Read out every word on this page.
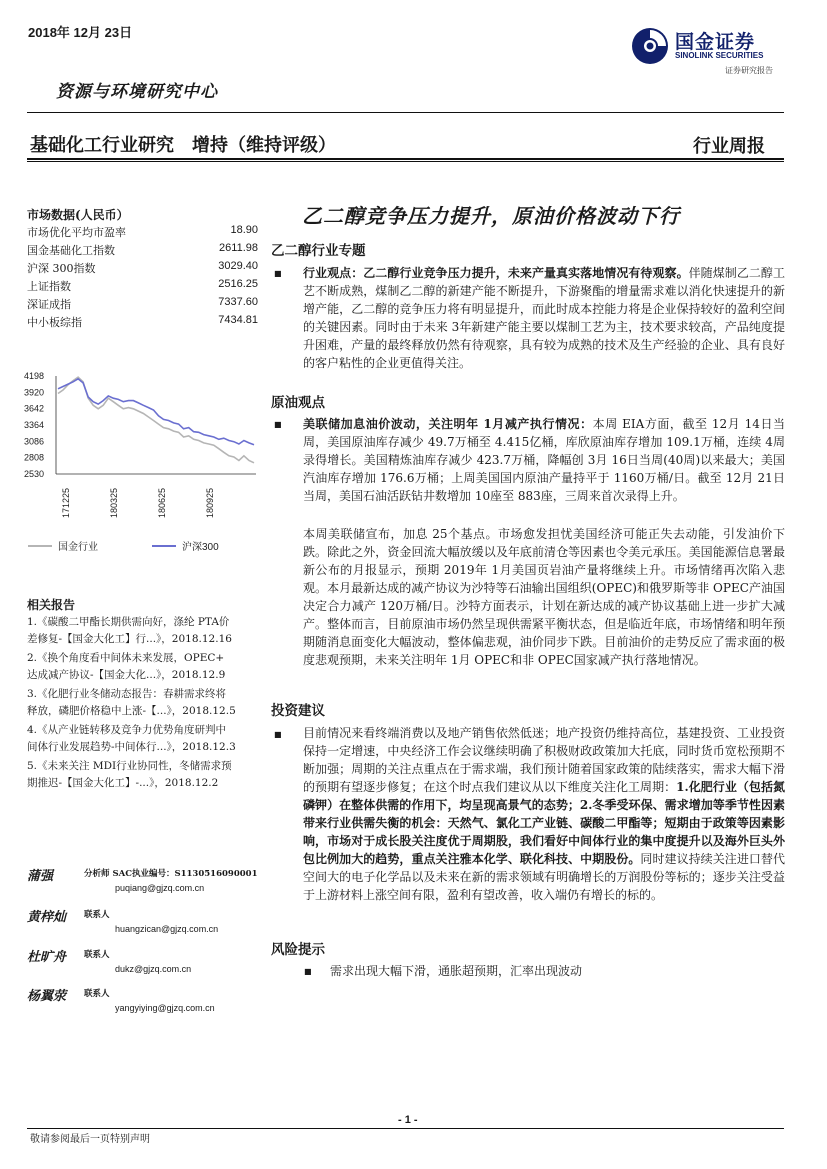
2018年 12月 23日
资源与环境研究中心
基础化工行业研究　增持（维持评级）	行业周报
国金证券
SINOLINK SECURITIES
证券研究报告
市场数据(人民币）
市场优化平均市盈率	18.90
国金基础化工指数	2611.98
沪深 300指数	3029.40
上证指数	2516.25
深证成指	7337.60
中小板综指	7434.81
4198
3920
3642
3364
3086
2808
2530
171225	180325	180625	180925
国金行业	沪深300
相关报告
1.《碳酸二甲酯长期供需向好，涤纶 PTA价
差修复-【国金大化工】行...》，2018.12.16
2.《换个角度看中间体未来发展，OPEC+
达成减产协议-【国金大化...》，2018.12.9
3.《化肥行业冬储动态报告：春耕需求终将
释放，磷肥价格稳中上涨-【...》，2018.12.5
4.《从产业链转移及竞争力优势角度研判中
间体行业发展趋势-中间体行...》，2018.12.3
5.《未来关注 MDI行业协同性，冬储需求预
期推迟-【国金大化工】-...》，2018.12.2
蒲强	分析师 SAC执业编号：S1130516090001
puqiang@gjzq.com.cn
黄梓灿 联系人
huangzican@gjzq.com.cn
杜旷舟 联系人
dukz@gjzq.com.cn
杨翼荥 联系人
yangyiying@gjzq.com.cn
乙二醇竞争压力提升，原油价格波动下行
乙二醇行业专题
■ 行业观点：乙二醇行业竞争压力提升，未来产量真实落地情况有待观察。伴随煤制乙二醇工艺不断成熟，煤制乙二醇的新建产能不断提升，下游聚酯的增量需求难以消化快速提升的新增产能，乙二醇的竞争压力将有明显提升，而此时成本控能力将是企业保持较好的盈利空间的关键因素。同时由于未来 3年新建产能主要以煤制工艺为主，技术要求较高，产品纯度提升困难，产量的最终释放仍然有待观察，具有较为成熟的技术及生产经验的企业、具有良好的客户粘性的企业更值得关注。
原油观点
■ 美联储加息油价波动，关注明年 1月减产执行情况：本周 EIA方面，截至 12月 14日当周，美国原油库存减少 49.7万桶至 4.415亿桶，库欣原油库存增加 109.1万桶，连续 4周录得增长。美国精炼油库存减少 423.7万桶，降幅创 3月 16日当周(40周)以来最大；美国汽油库存增加 176.6万桶；上周美国国内原油产量持平于 1160万桶/日。截至 12月 21日当周，美国石油活跃钻井数增加 10座至 883座，三周来首次录得上升。
本周美联储宣布，加息 25个基点。市场愈发担忧美国经济可能正失去动能，引发油价下跌。除此之外，资金回流大幅放缓以及年底前清仓等因素也令美元承压。美国能源信息署最新公布的月报显示，预期 2019年 1月美国页岩油产量将继续上升。市场情绪再次陷入悲观。本月最新达成的减产协议为沙特等石油输出国组织(OPEC)和俄罗斯等非 OPEC产油国决定合力减产 120万桶/日。沙特方面表示，计划在新达成的减产协议基础上进一步扩大减产。整体而言，目前原油市场仍然呈现供需紧平衡状态，但是临近年底，市场情绪和明年预期随消息面变化大幅波动，整体偏悲观，油价同步下跌。目前油价的走势反应了需求面的极度悲观预期，未来关注明年 1月 OPEC和非 OPEC国家减产执行落地情况。
投资建议
■ 目前情况来看终端消费以及地产销售依然低迷；地产投资仍维持高位，基建投资、工业投资保持一定增速，中央经济工作会议继续明确了积极财政政策加大托底，同时货币宽松预期不断加强；周期的关注点重点在于需求端，我们预计随着国家政策的陆续落实，需求大幅下滑的预期有望逐步修复；在这个时点我们建议从以下维度关注化工周期：1.化肥行业（包括氮磷钾）在整体供需的作用下，均呈现高景气的态势；2.冬季受环保、需求增加等季节性因素带来行业供需失衡的机会：天然气、氯化工产业链、碳酸二甲酯等；短期由于政策等因素影响，市场对于成长股关注度优于周期股，我们看好中间体行业的集中度提升以及海外巨头外包比例加大的趋势，重点关注雅本化学、联化科技、中期股份。同时建议持续关注进口替代空间大的电子化学品以及未来在新的需求领域有明确增长的万润股份等标的；逐步关注受益于上游材料上涨空间有限，盈利有望改善，收入端仍有增长的标的。
风险提示
■ 需求出现大幅下滑，通胀超预期，汇率出现波动
- 1 -
敬请参阅最后一页特别声明
